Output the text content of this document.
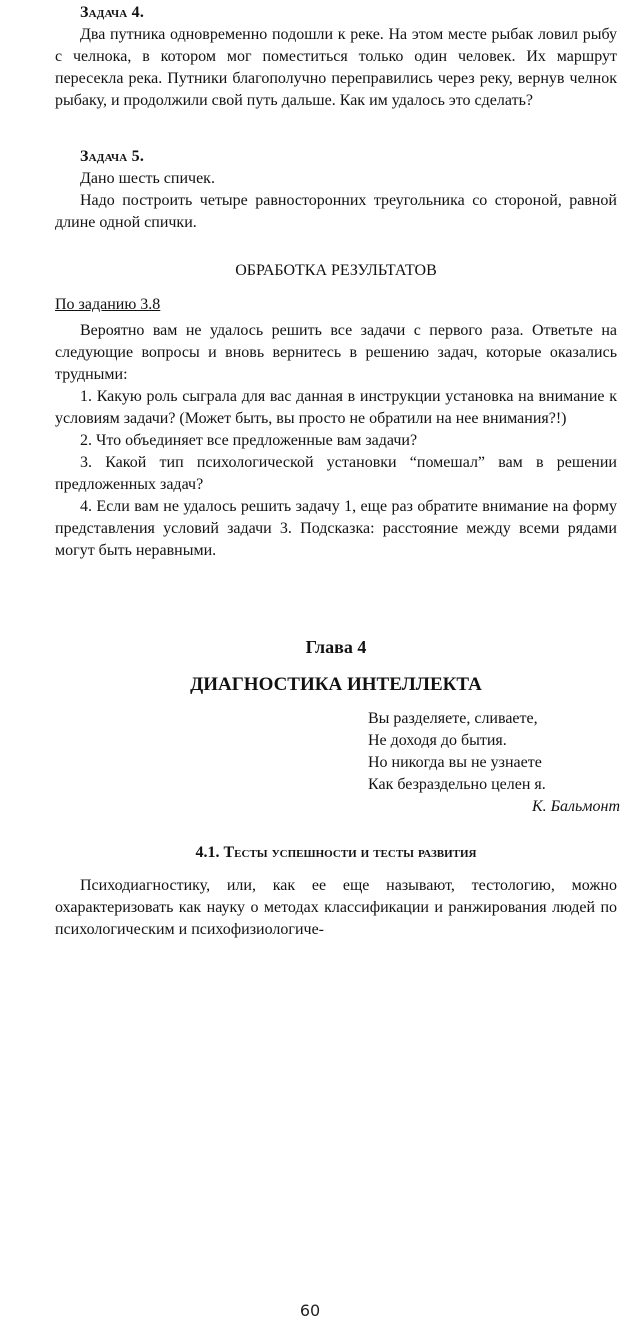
Задача 4.

Два путника одновременно подошли к реке. На этом месте рыбак ловил рыбу с челнока, в котором мог поместиться только один человек. Их маршрут пересекла река. Путники благополучно переправились через реку, вернув челнок рыбаку, и продолжили свой путь дальше. Как им удалось это сделать?

Задача 5.

Дано шесть спичек.

Надо построить четыре равносторонних треугольника со стороной, равной длине одной спички.

ОБРАБОТКА РЕЗУЛЬТАТОВ

По заданию 3.8

Вероятно вам не удалось решить все задачи с первого раза. Ответьте на следующие вопросы и вновь вернитесь в решению задач, которые оказались трудными:

1. Какую роль сыграла для вас данная в инструкции установка на внимание к условиям задачи? (Может быть, вы просто не обратили на нее внимания?!)

2. Что объединяет все предложенные вам задачи?

3. Какой тип психологической установки “помешал” вам в решении предложенных задач?

4. Если вам не удалось решить задачу 1, еще раз обратите внимание на форму представления условий задачи 3. Подсказка: расстояние между всеми рядами могут быть неравными.

Глава 4

ДИАГНОСТИКА ИНТЕЛЛЕКТА

Вы разделяете, сливаете,

Не доходя до бытия.

Но никогда вы не узнаете

Как безраздельно целен я.

К. Бальмонт

4.1. Тесты успешности и тесты развития

Психодиагностику, или, как ее еще называют, тестологию, можно охарактеризовать как науку о методах классификации и ранжирования людей по психологическим и психофизиологиче-

60
